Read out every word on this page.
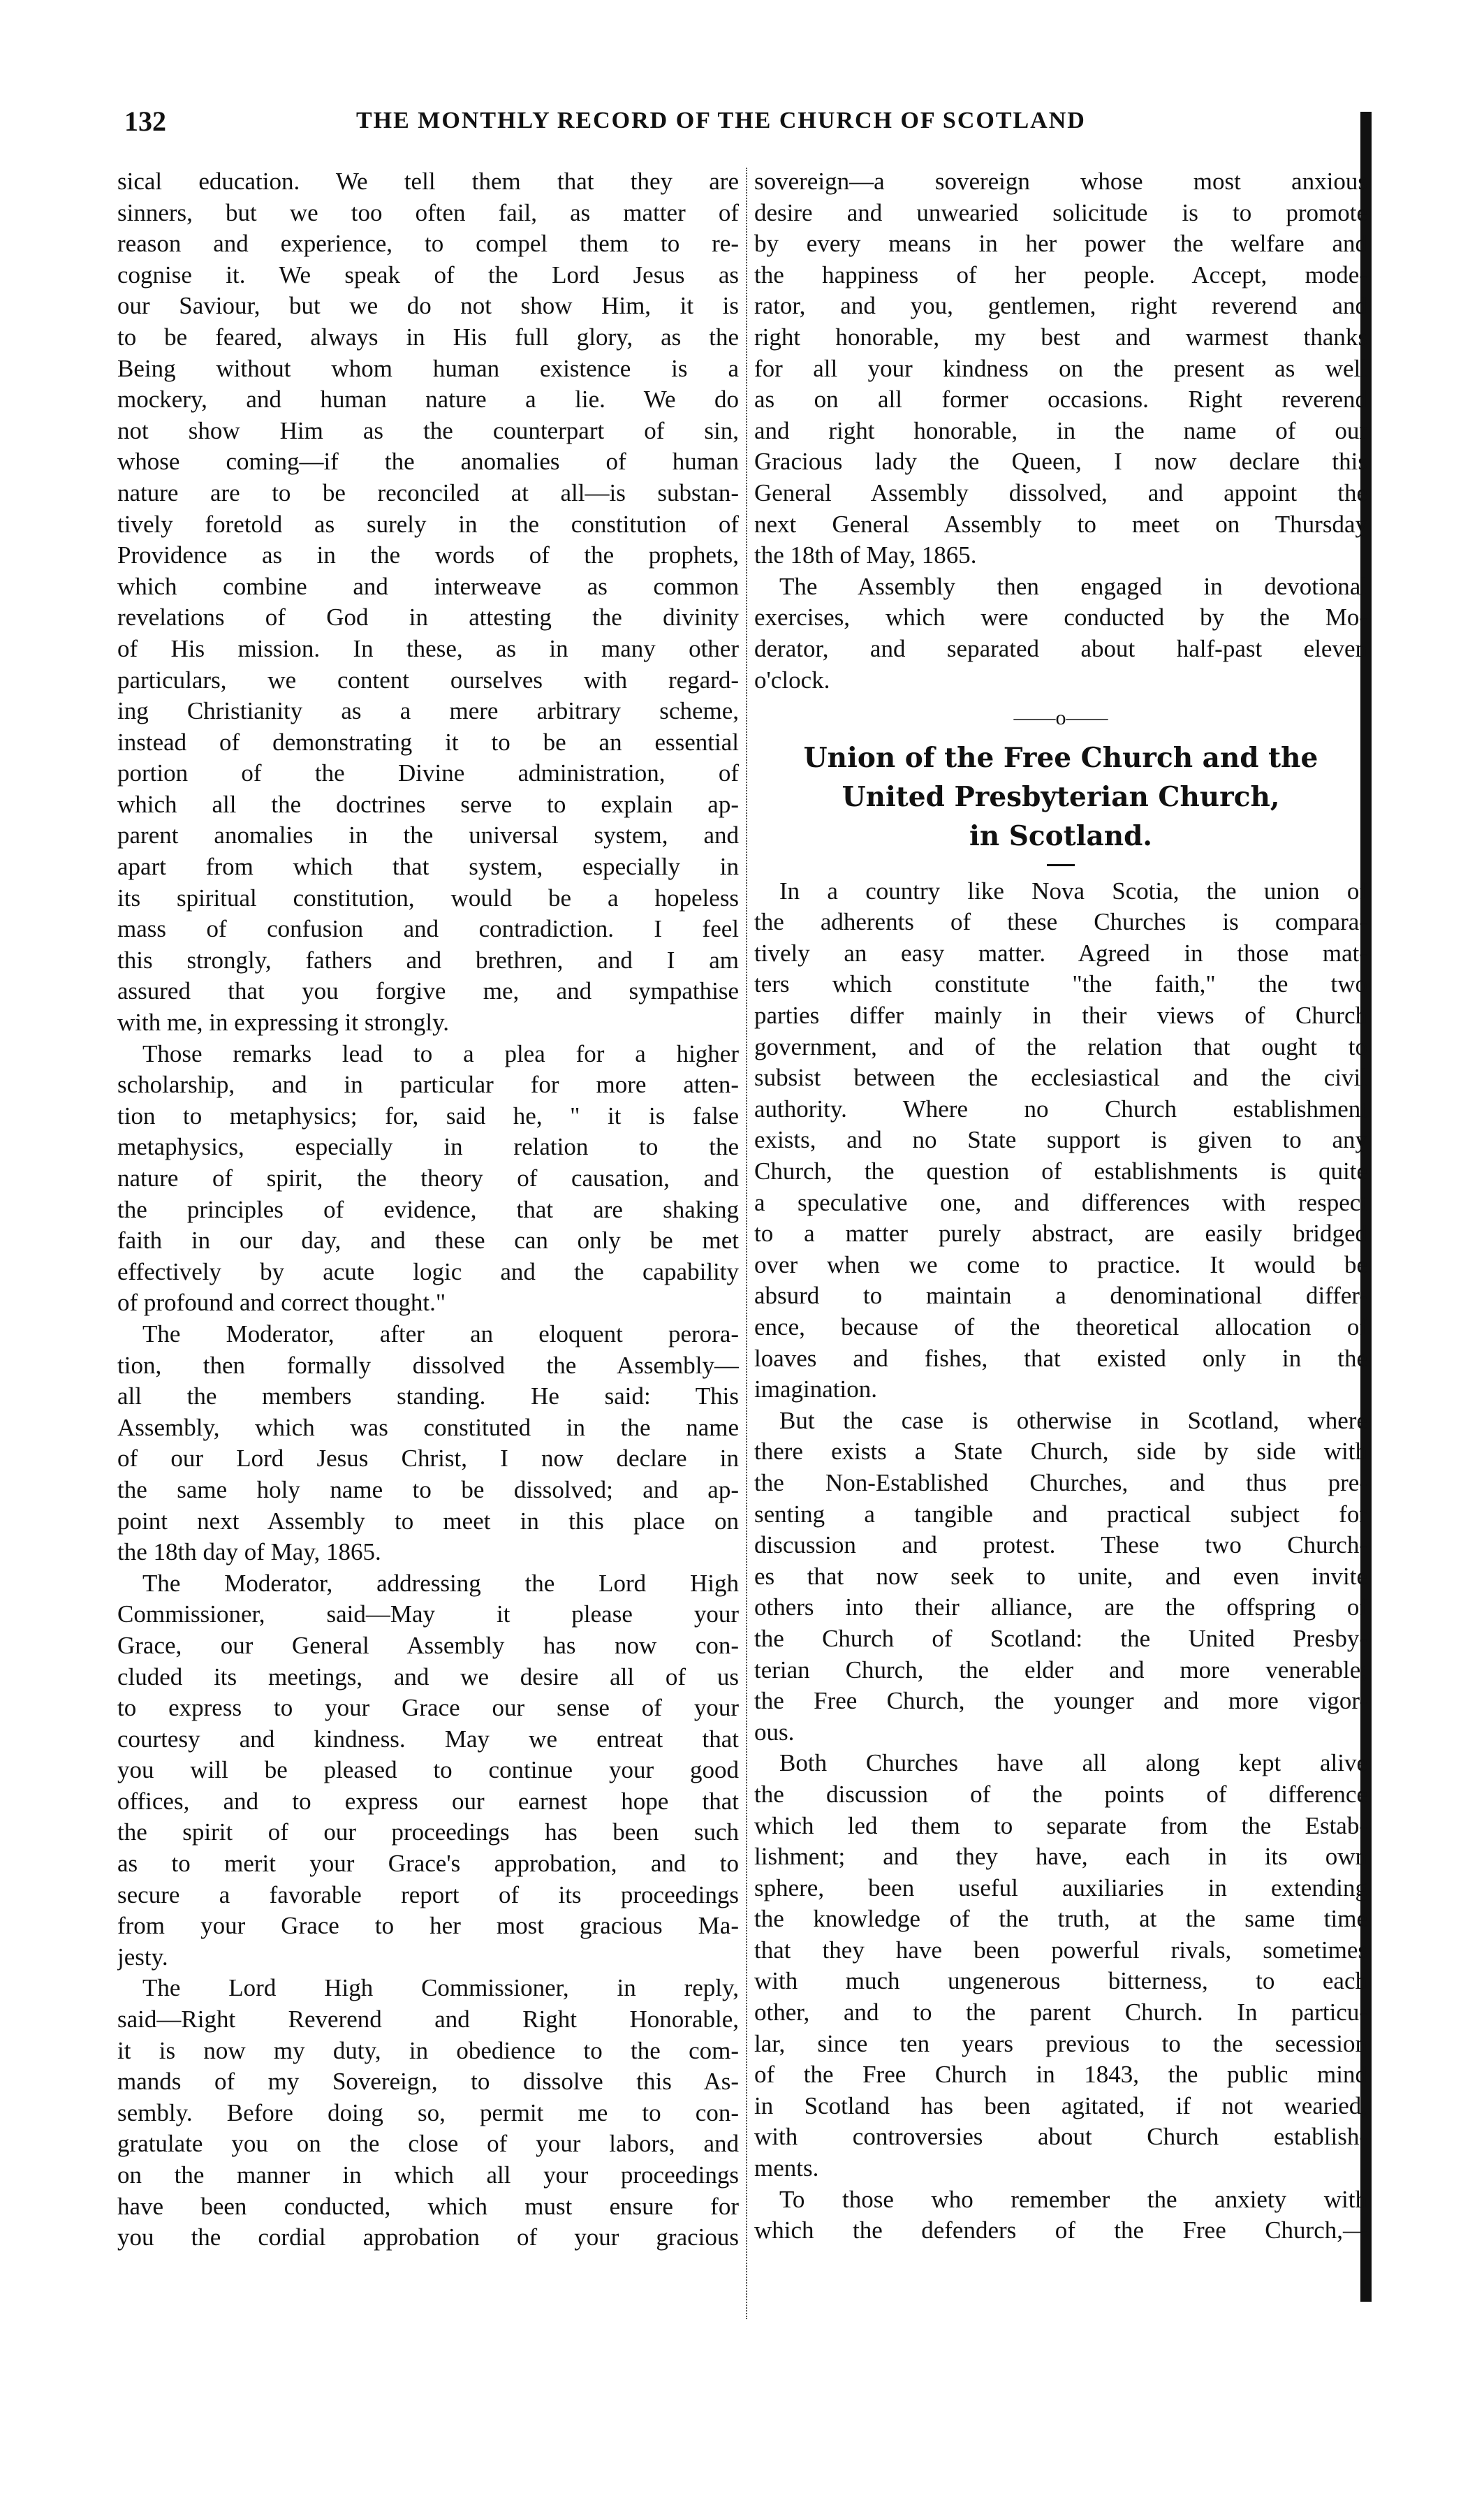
132	THE MONTHLY RECORD OF THE CHURCH OF SCOTLAND
sical education. We tell them that they are
sinners, but we too often fail, as matter of
reason and experience, to compel them to re-
cognise it. We speak of the Lord Jesus as
our Saviour, but we do not show Him, it is
to be feared, always in His full glory, as the
Being without whom human existence is a
mockery, and human nature a lie. We do
not show Him as the counterpart of sin,
whose coming—if the anomalies of human
nature are to be reconciled at all—is substan-
tively foretold as surely in the constitution of
Providence as in the words of the prophets,
which combine and interweave as common
revelations of God in attesting the divinity
of His mission. In these, as in many other
particulars, we content ourselves with regard-
ing Christianity as a mere arbitrary scheme,
instead of demonstrating it to be an essential
portion of the Divine administration, of
which all the doctrines serve to explain ap-
parent anomalies in the universal system, and
apart from which that system, especially in
its spiritual constitution, would be a hopeless
mass of confusion and contradiction. I feel
this strongly, fathers and brethren, and I am
assured that you forgive me, and sympathise
with me, in expressing it strongly.
Those remarks lead to a plea for a higher
scholarship, and in particular for more atten-
tion to metaphysics; for, said he, " it is false
metaphysics, especially in relation to the
nature of spirit, the theory of causation, and
the principles of evidence, that are shaking
faith in our day, and these can only be met
effectively by acute logic and the capability
of profound and correct thought."
The Moderator, after an eloquent perora-
tion, then formally dissolved the Assembly—
all the members standing. He said: This
Assembly, which was constituted in the name
of our Lord Jesus Christ, I now declare in
the same holy name to be dissolved; and ap-
point next Assembly to meet in this place on
the 18th day of May, 1865.
The Moderator, addressing the Lord High
Commissioner, said—May it please your
Grace, our General Assembly has now con-
cluded its meetings, and we desire all of us
to express to your Grace our sense of your
courtesy and kindness. May we entreat that
you will be pleased to continue your good
offices, and to express our earnest hope that
the spirit of our proceedings has been such
as to merit your Grace's approbation, and to
secure a favorable report of its proceedings
from your Grace to her most gracious Ma-
jesty.
The Lord High Commissioner, in reply,
said—Right Reverend and Right Honorable,
it is now my duty, in obedience to the com-
mands of my Sovereign, to dissolve this As-
sembly. Before doing so, permit me to con-
gratulate you on the close of your labors, and
on the manner in which all your proceedings
have been conducted, which must ensure for
you the cordial approbation of your gracious
sovereign—a sovereign whose most anxious
desire and unwearied solicitude is to promote
by every means in her power the welfare and
the happiness of her people. Accept, mode-
rator, and you, gentlemen, right reverend and
right honorable, my best and warmest thanks
for all your kindness on the present as well
as on all former occasions. Right reverend
and right honorable, in the name of our
Gracious lady the Queen, I now declare this
General Assembly dissolved, and appoint the
next General Assembly to meet on Thursday
the 18th of May, 1865.
The Assembly then engaged in devotional
exercises, which were conducted by the Mo-
derator, and separated about half-past eleven
o'clock.
——o——
Union of the Free Church and the
United Presbyterian Church,
in Scotland.
In a country like Nova Scotia, the union of
the adherents of these Churches is compara-
tively an easy matter. Agreed in those mat-
ters which constitute "the faith," the two
parties differ mainly in their views of Church
government, and of the relation that ought to
subsist between the ecclesiastical and the civil
authority. Where no Church establishment
exists, and no State support is given to any
Church, the question of establishments is quite
a speculative one, and differences with respect
to a matter purely abstract, are easily bridged
over when we come to practice. It would be
absurd to maintain a denominational differ-
ence, because of the theoretical allocation of
loaves and fishes, that existed only in the
imagination.
But the case is otherwise in Scotland, where
there exists a State Church, side by side with
the Non-Established Churches, and thus pre-
senting a tangible and practical subject for
discussion and protest. These two Church-
es that now seek to unite, and even invite
others into their alliance, are the offspring of
the Church of Scotland: the United Presby-
terian Church, the elder and more venerable;
the Free Church, the younger and more vigor-
ous.
Both Churches have all along kept alive
the discussion of the points of difference
which led them to separate from the Estab-
lishment; and they have, each in its own
sphere, been useful auxiliaries in extending
the knowledge of the truth, at the same time
that they have been powerful rivals, sometimes
with much ungenerous bitterness, to each
other, and to the parent Church. In particu-
lar, since ten years previous to the secession
of the Free Church in 1843, the public mind
in Scotland has been agitated, if not wearied,
with controversies about Church establish-
ments.
To those who remember the anxiety with
which the defenders of the Free Church,—
